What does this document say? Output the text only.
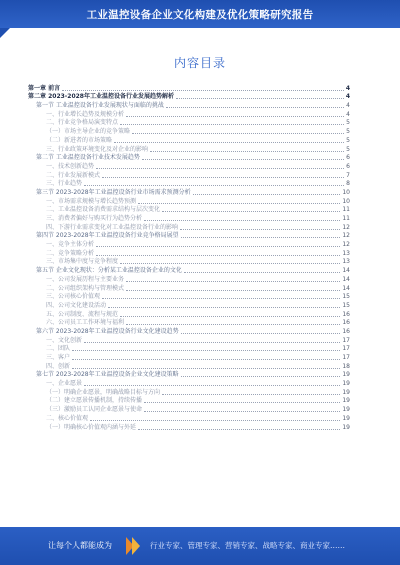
工业温控设备企业文化构建及优化策略研究报告
内容目录
第一章 前言	4
第二章 2023-2028年工业温控设备行业发展趋势解析	4
第一节 工业温控设备行业发展现状与面临的挑战	4
一、行业增长趋势及规模分析	4
二、行业竞争格局演变特点	5
（一）市场主导企业的竞争策略	5
（二）新进者的市场策略	5
三、行业政策环境变化及对企业的影响	5
第二节 工业温控设备行业技术发展趋势	6
一、技术创新趋势	6
二、行业发展新模式	7
三、行业趋势	8
第三节 2023-2028年工业温控设备行业市场需求预测分析	10
一、市场需求规模与增长趋势预测	10
二、工业温控设备消费需求结构与层次变化	11
三、消费者偏好与购买行为趋势分析	11
四、下游行业需求变化对工业温控设备行业的影响	12
第四节 2023-2028年工业温控设备行业竞争格局展望	12
一、竞争主体分析	12
二、竞争策略分析	13
三、市场集中度与竞争程度	13
第五节 企业文化现状：分析某工业温控设备企业的文化	14
一、公司发展历程与主要业务	14
二、公司组织架构与管理模式	14
三、公司核心价值观	15
四、公司文化建设活动	15
五、公司制度、流程与规范	16
六、公司员工工作环境与福利	16
第六节 2023-2028年工业温控设备行业文化建设趋势	16
一、文化创新	17
二、团队	17
三、客户	17
四、创新	18
第七节 2023-2028年工业温控设备企业文化建设策略	19
一、企业愿景	19
（一）明确企业愿景，明确战略目标与方向	19
（二）建立愿景传播机制，持续传播	19
（三）激励员工认同企业愿景与使命	19
二、核心价值观	19
（一）明确核心价值观内涵与外延	19
让每个人都能成为	行业专家、管理专家、营销专家、战略专家、商业专家……
